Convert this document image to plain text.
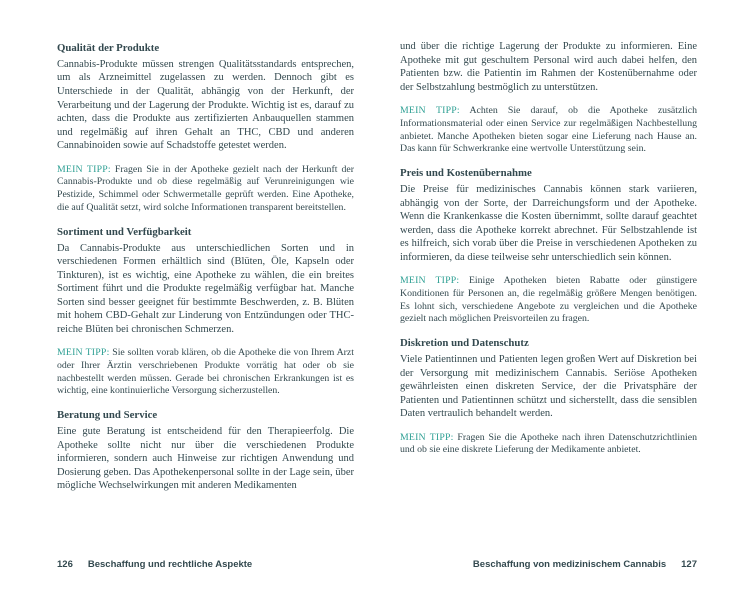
Qualität der Produkte

Cannabis-Produkte müssen strengen Qualitätsstandards entsprechen, um als Arzneimittel zugelassen zu werden. Dennoch gibt es Unterschiede in der Qualität, abhängig von der Herkunft, der Verarbeitung und der Lagerung der Produkte. Wichtig ist es, darauf zu achten, dass die Produkte aus zertifizierten Anbauquellen stammen und regelmäßig auf ihren Gehalt an THC, CBD und anderen Cannabinoiden sowie auf Schadstoffe getestet werden.

MEIN TIPP: Fragen Sie in der Apotheke gezielt nach der Herkunft der Cannabis-Produkte und ob diese regelmäßig auf Verunreinigungen wie Pestizide, Schimmel oder Schwermetalle geprüft werden. Eine Apotheke, die auf Qualität setzt, wird solche Informationen transparent bereitstellen.

Sortiment und Verfügbarkeit

Da Cannabis-Produkte aus unterschiedlichen Sorten und in verschiedenen Formen erhältlich sind (Blüten, Öle, Kapseln oder Tinkturen), ist es wichtig, eine Apotheke zu wählen, die ein breites Sortiment führt und die Produkte regelmäßig verfügbar hat. Manche Sorten sind besser geeignet für bestimmte Beschwerden, z. B. Blüten mit hohem CBD-Gehalt zur Linderung von Entzündungen oder THC-reiche Blüten bei chronischen Schmerzen.

MEIN TIPP: Sie sollten vorab klären, ob die Apotheke die von Ihrem Arzt oder Ihrer Ärztin verschriebenen Produkte vorrätig hat oder ob sie nachbestellt werden müssen. Gerade bei chronischen Erkrankungen ist es wichtig, eine kontinuierliche Versorgung sicherzustellen.

Beratung und Service

Eine gute Beratung ist entscheidend für den Therapieerfolg. Die Apotheke sollte nicht nur über die verschiedenen Produkte informieren, sondern auch Hinweise zur richtigen Anwendung und Dosierung geben. Das Apothekenpersonal sollte in der Lage sein, über mögliche Wechselwirkungen mit anderen Medikamenten

und über die richtige Lagerung der Produkte zu informieren. Eine Apotheke mit gut geschultem Personal wird auch dabei helfen, den Patienten bzw. die Patientin im Rahmen der Kostenübernahme oder der Selbstzahlung bestmöglich zu unterstützen.

MEIN TIPP: Achten Sie darauf, ob die Apotheke zusätzlich Informationsmaterial oder einen Service zur regelmäßigen Nachbestellung anbietet. Manche Apotheken bieten sogar eine Lieferung nach Hause an. Das kann für Schwerkranke eine wertvolle Unterstützung sein.

Preis und Kostenübernahme

Die Preise für medizinisches Cannabis können stark variieren, abhängig von der Sorte, der Darreichungsform und der Apotheke. Wenn die Krankenkasse die Kosten übernimmt, sollte darauf geachtet werden, dass die Apotheke korrekt abrechnet. Für Selbstzahlende ist es hilfreich, sich vorab über die Preise in verschiedenen Apotheken zu informieren, da diese teilweise sehr unterschiedlich sein können.

MEIN TIPP: Einige Apotheken bieten Rabatte oder günstigere Konditionen für Personen an, die regelmäßig größere Mengen benötigen. Es lohnt sich, verschiedene Angebote zu vergleichen und die Apotheke gezielt nach möglichen Preisvorteilen zu fragen.

Diskretion und Datenschutz

Viele Patientinnen und Patienten legen großen Wert auf Diskretion bei der Versorgung mit medizinischem Cannabis. Seriöse Apotheken gewährleisten einen diskreten Service, der die Privatsphäre der Patienten und Patientinnen schützt und sicherstellt, dass die sensiblen Daten vertraulich behandelt werden.

MEIN TIPP: Fragen Sie die Apotheke nach ihren Datenschutzrichtlinien und ob sie eine diskrete Lieferung der Medikamente anbietet.

126 Beschaffung und rechtliche Aspekte	Beschaffung von medizinischem Cannabis 127
